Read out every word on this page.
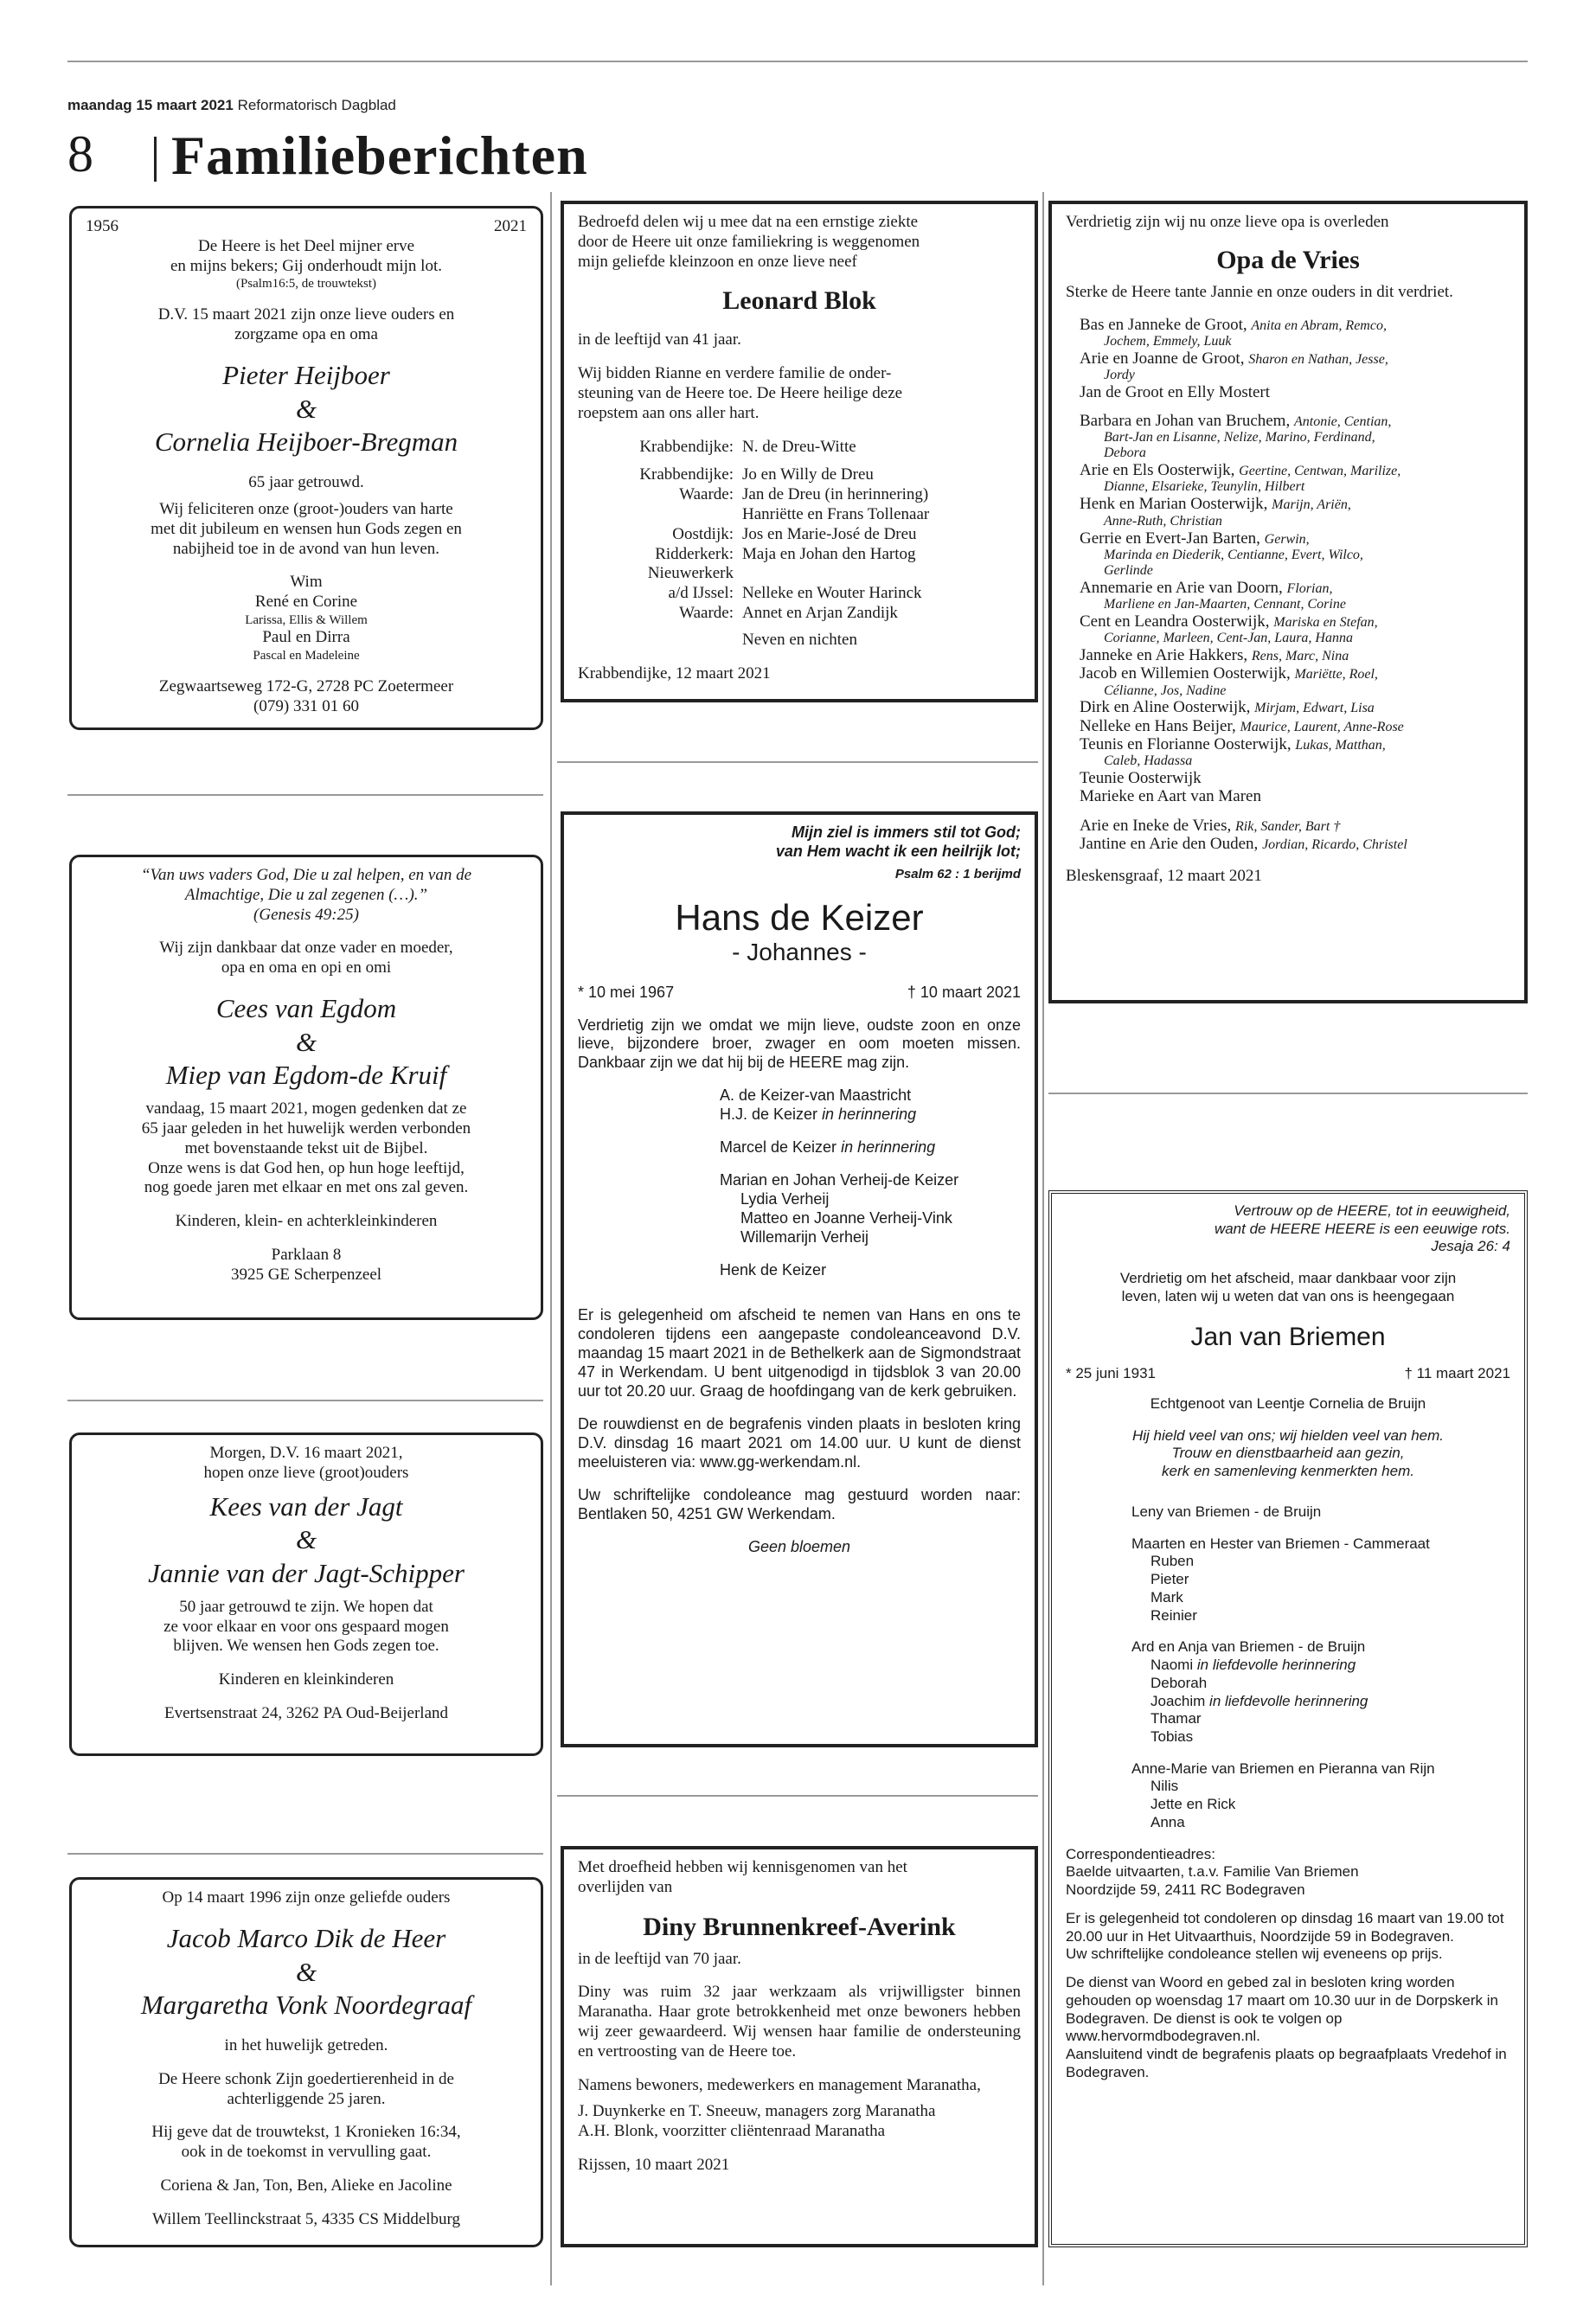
maandag 15 maart 2021 Reformatorisch Dagblad
8 Familieberichten
1956	2021
De Heere is het Deel mijner erve
en mijns bekers; Gij onderhoudt mijn lot.
(Psalm16:5, de trouwtekst)
D.V. 15 maart 2021 zijn onze lieve ouders en
zorgzame opa en oma
Pieter Heijboer
&
Cornelia Heijboer-Bregman
65 jaar getrouwd.
Wij feliciteren onze (groot-)ouders van harte
met dit jubileum en wensen hun Gods zegen en
nabijheid toe in de avond van hun leven.
Wim
René en Corine
Larissa, Ellis & Willem
Paul en Dirra
Pascal en Madeleine
Zegwaartseweg 172-G, 2728 PC Zoetermeer
(079) 331 01 60
“Van uws vaders God, Die u zal helpen, en van de
Almachtige, Die u zal zegenen (…).”
(Genesis 49:25)
Wij zijn dankbaar dat onze vader en moeder,
opa en oma en opi en omi
Cees van Egdom
&
Miep van Egdom-de Kruif
vandaag, 15 maart 2021, mogen gedenken dat ze
65 jaar geleden in het huwelijk werden verbonden
met bovenstaande tekst uit de Bijbel.
Onze wens is dat God hen, op hun hoge leeftijd,
nog goede jaren met elkaar en met ons zal geven.
Kinderen, klein- en achterkleinkinderen
Parklaan 8
3925 GE Scherpenzeel
Morgen, D.V. 16 maart 2021,
hopen onze lieve (groot)ouders
Kees van der Jagt
&
Jannie van der Jagt-Schipper
50 jaar getrouwd te zijn. We hopen dat
ze voor elkaar en voor ons gespaard mogen
blijven. We wensen hen Gods zegen toe.
Kinderen en kleinkinderen
Evertsenstraat 24, 3262 PA Oud-Beijerland
Op 14 maart 1996 zijn onze geliefde ouders
Jacob Marco Dik de Heer
&
Margaretha Vonk Noordegraaf
in het huwelijk getreden.
De Heere schonk Zijn goedertierenheid in de
achterliggende 25 jaren.
Hij geve dat de trouwtekst, 1 Kronieken 16:34,
ook in de toekomst in vervulling gaat.
Coriena & Jan, Ton, Ben, Alieke en Jacoline
Willem Teellinckstraat 5, 4335 CS Middelburg
Bedroefd delen wij u mee dat na een ernstige ziekte
door de Heere uit onze familiekring is weggenomen
mijn geliefde kleinzoon en onze lieve neef
Leonard Blok
in de leeftijd van 41 jaar.
Wij bidden Rianne en verdere familie de onder-
steuning van de Heere toe. De Heere heilige deze
roepstem aan ons aller hart.
Krabbendijke: N. de Dreu-Witte
Krabbendijke: Jo en Willy de Dreu
Waarde: Jan de Dreu (in herinnering)
Hanriëtte en Frans Tollenaar
Oostdijk: Jos en Marie-José de Dreu
Ridderkerk: Maja en Johan den Hartog
Nieuwerkerk
a/d IJssel: Nelleke en Wouter Harinck
Waarde: Annet en Arjan Zandijk
Neven en nichten
Krabbendijke, 12 maart 2021
Mijn ziel is immers stil tot God;
van Hem wacht ik een heilrijk lot;
Psalm 62 : 1 berijmd
Hans de Keizer
- Johannes -
* 10 mei 1967	† 10 maart 2021
Verdrietig zijn we omdat we mijn lieve, oudste zoon en onze lieve, bijzondere broer, zwager en oom moeten missen. Dankbaar zijn we dat hij bij de HEERE mag zijn.
A. de Keizer-van Maastricht
H.J. de Keizer in herinnering
Marcel de Keizer in herinnering
Marian en Johan Verheij-de Keizer
Lydia Verheij
Matteo en Joanne Verheij-Vink
Willemarijn Verheij
Henk de Keizer
Er is gelegenheid om afscheid te nemen van Hans en ons te condoleren tijdens een aangepaste condoleanceavond D.V. maandag 15 maart 2021 in de Bethelkerk aan de Sigmondstraat 47 in Werkendam. U bent uitgenodigd in tijdsblok 3 van 20.00 uur tot 20.20 uur. Graag de hoofdingang van de kerk gebruiken.
De rouwdienst en de begrafenis vinden plaats in besloten kring D.V. dinsdag 16 maart 2021 om 14.00 uur. U kunt de dienst meeluisteren via: www.gg-werkendam.nl.
Uw schriftelijke condoleance mag gestuurd worden naar: Bentlaken 50, 4251 GW Werkendam.
Geen bloemen
Met droefheid hebben wij kennisgenomen van het
overlijden van
Diny Brunnenkreef-Averink
in de leeftijd van 70 jaar.
Diny was ruim 32 jaar werkzaam als vrijwilligster binnen Maranatha. Haar grote betrokkenheid met onze bewoners hebben wij zeer gewaardeerd. Wij wensen haar familie de ondersteuning en vertroosting van de Heere toe.
Namens bewoners, medewerkers en management Maranatha,
J. Duynkerke en T. Sneeuw, managers zorg Maranatha
A.H. Blonk, voorzitter cliëntenraad Maranatha
Rijssen, 10 maart 2021
Verdrietig zijn wij nu onze lieve opa is overleden
Opa de Vries
Sterke de Heere tante Jannie en onze ouders in dit verdriet.
Bas en Janneke de Groot, Anita en Abram, Remco,
Jochem, Emmely, Luuk
Arie en Joanne de Groot, Sharon en Nathan, Jesse,
Jordy
Jan de Groot en Elly Mostert
Barbara en Johan van Bruchem, Antonie, Centian,
Bart-Jan en Lisanne, Nelize, Marino, Ferdinand,
Debora
Arie en Els Oosterwijk, Geertine, Centwan, Marilize,
Dianne, Elsarieke, Teunylin, Hilbert
Henk en Marian Oosterwijk, Marijn, Ariën,
Anne-Ruth, Christian
Gerrie en Evert-Jan Barten, Gerwin,
Marinda en Diederik, Centianne, Evert, Wilco,
Gerlinde
Annemarie en Arie van Doorn, Florian,
Marliene en Jan-Maarten, Cennant, Corine
Cent en Leandra Oosterwijk, Mariska en Stefan,
Corianne, Marleen, Cent-Jan, Laura, Hanna
Janneke en Arie Hakkers, Rens, Marc, Nina
Jacob en Willemien Oosterwijk, Mariëtte, Roel,
Célianne, Jos, Nadine
Dirk en Aline Oosterwijk, Mirjam, Edwart, Lisa
Nelleke en Hans Beijer, Maurice, Laurent, Anne-Rose
Teunis en Florianne Oosterwijk, Lukas, Matthan,
Caleb, Hadassa
Teunie Oosterwijk
Marieke en Aart van Maren
Arie en Ineke de Vries, Rik, Sander, Bart †
Jantine en Arie den Ouden, Jordian, Ricardo, Christel
Bleskensgraaf, 12 maart 2021
Vertrouw op de HEERE, tot in eeuwigheid,
want de HEERE HEERE is een eeuwige rots.
Jesaja 26: 4
Verdrietig om het afscheid, maar dankbaar voor zijn
leven, laten wij u weten dat van ons is heengegaan
Jan van Briemen
* 25 juni 1931	† 11 maart 2021
Echtgenoot van Leentje Cornelia de Bruijn
Hij hield veel van ons; wij hielden veel van hem.
Trouw en dienstbaarheid aan gezin,
kerk en samenleving kenmerkten hem.
Leny van Briemen - de Bruijn
Maarten en Hester van Briemen - Cammeraat
Ruben
Pieter
Mark
Reinier
Ard en Anja van Briemen - de Bruijn
Naomi in liefdevolle herinnering
Deborah
Joachim in liefdevolle herinnering
Thamar
Tobias
Anne-Marie van Briemen en Pieranna van Rijn
Nilis
Jette en Rick
Anna
Correspondentieadres:
Baelde uitvaarten, t.a.v. Familie Van Briemen
Noordzijde 59, 2411 RC Bodegraven
Er is gelegenheid tot condoleren op dinsdag 16 maart van 19.00 tot 20.00 uur in Het Uitvaarthuis, Noordzijde 59 in Bodegraven.
Uw schriftelijke condoleance stellen wij eveneens op prijs.
De dienst van Woord en gebed zal in besloten kring worden gehouden op woensdag 17 maart om 10.30 uur in de Dorpskerk in Bodegraven. De dienst is ook te volgen op www.hervormdbodegraven.nl.
Aansluitend vindt de begrafenis plaats op begraafplaats Vredehof in Bodegraven.
